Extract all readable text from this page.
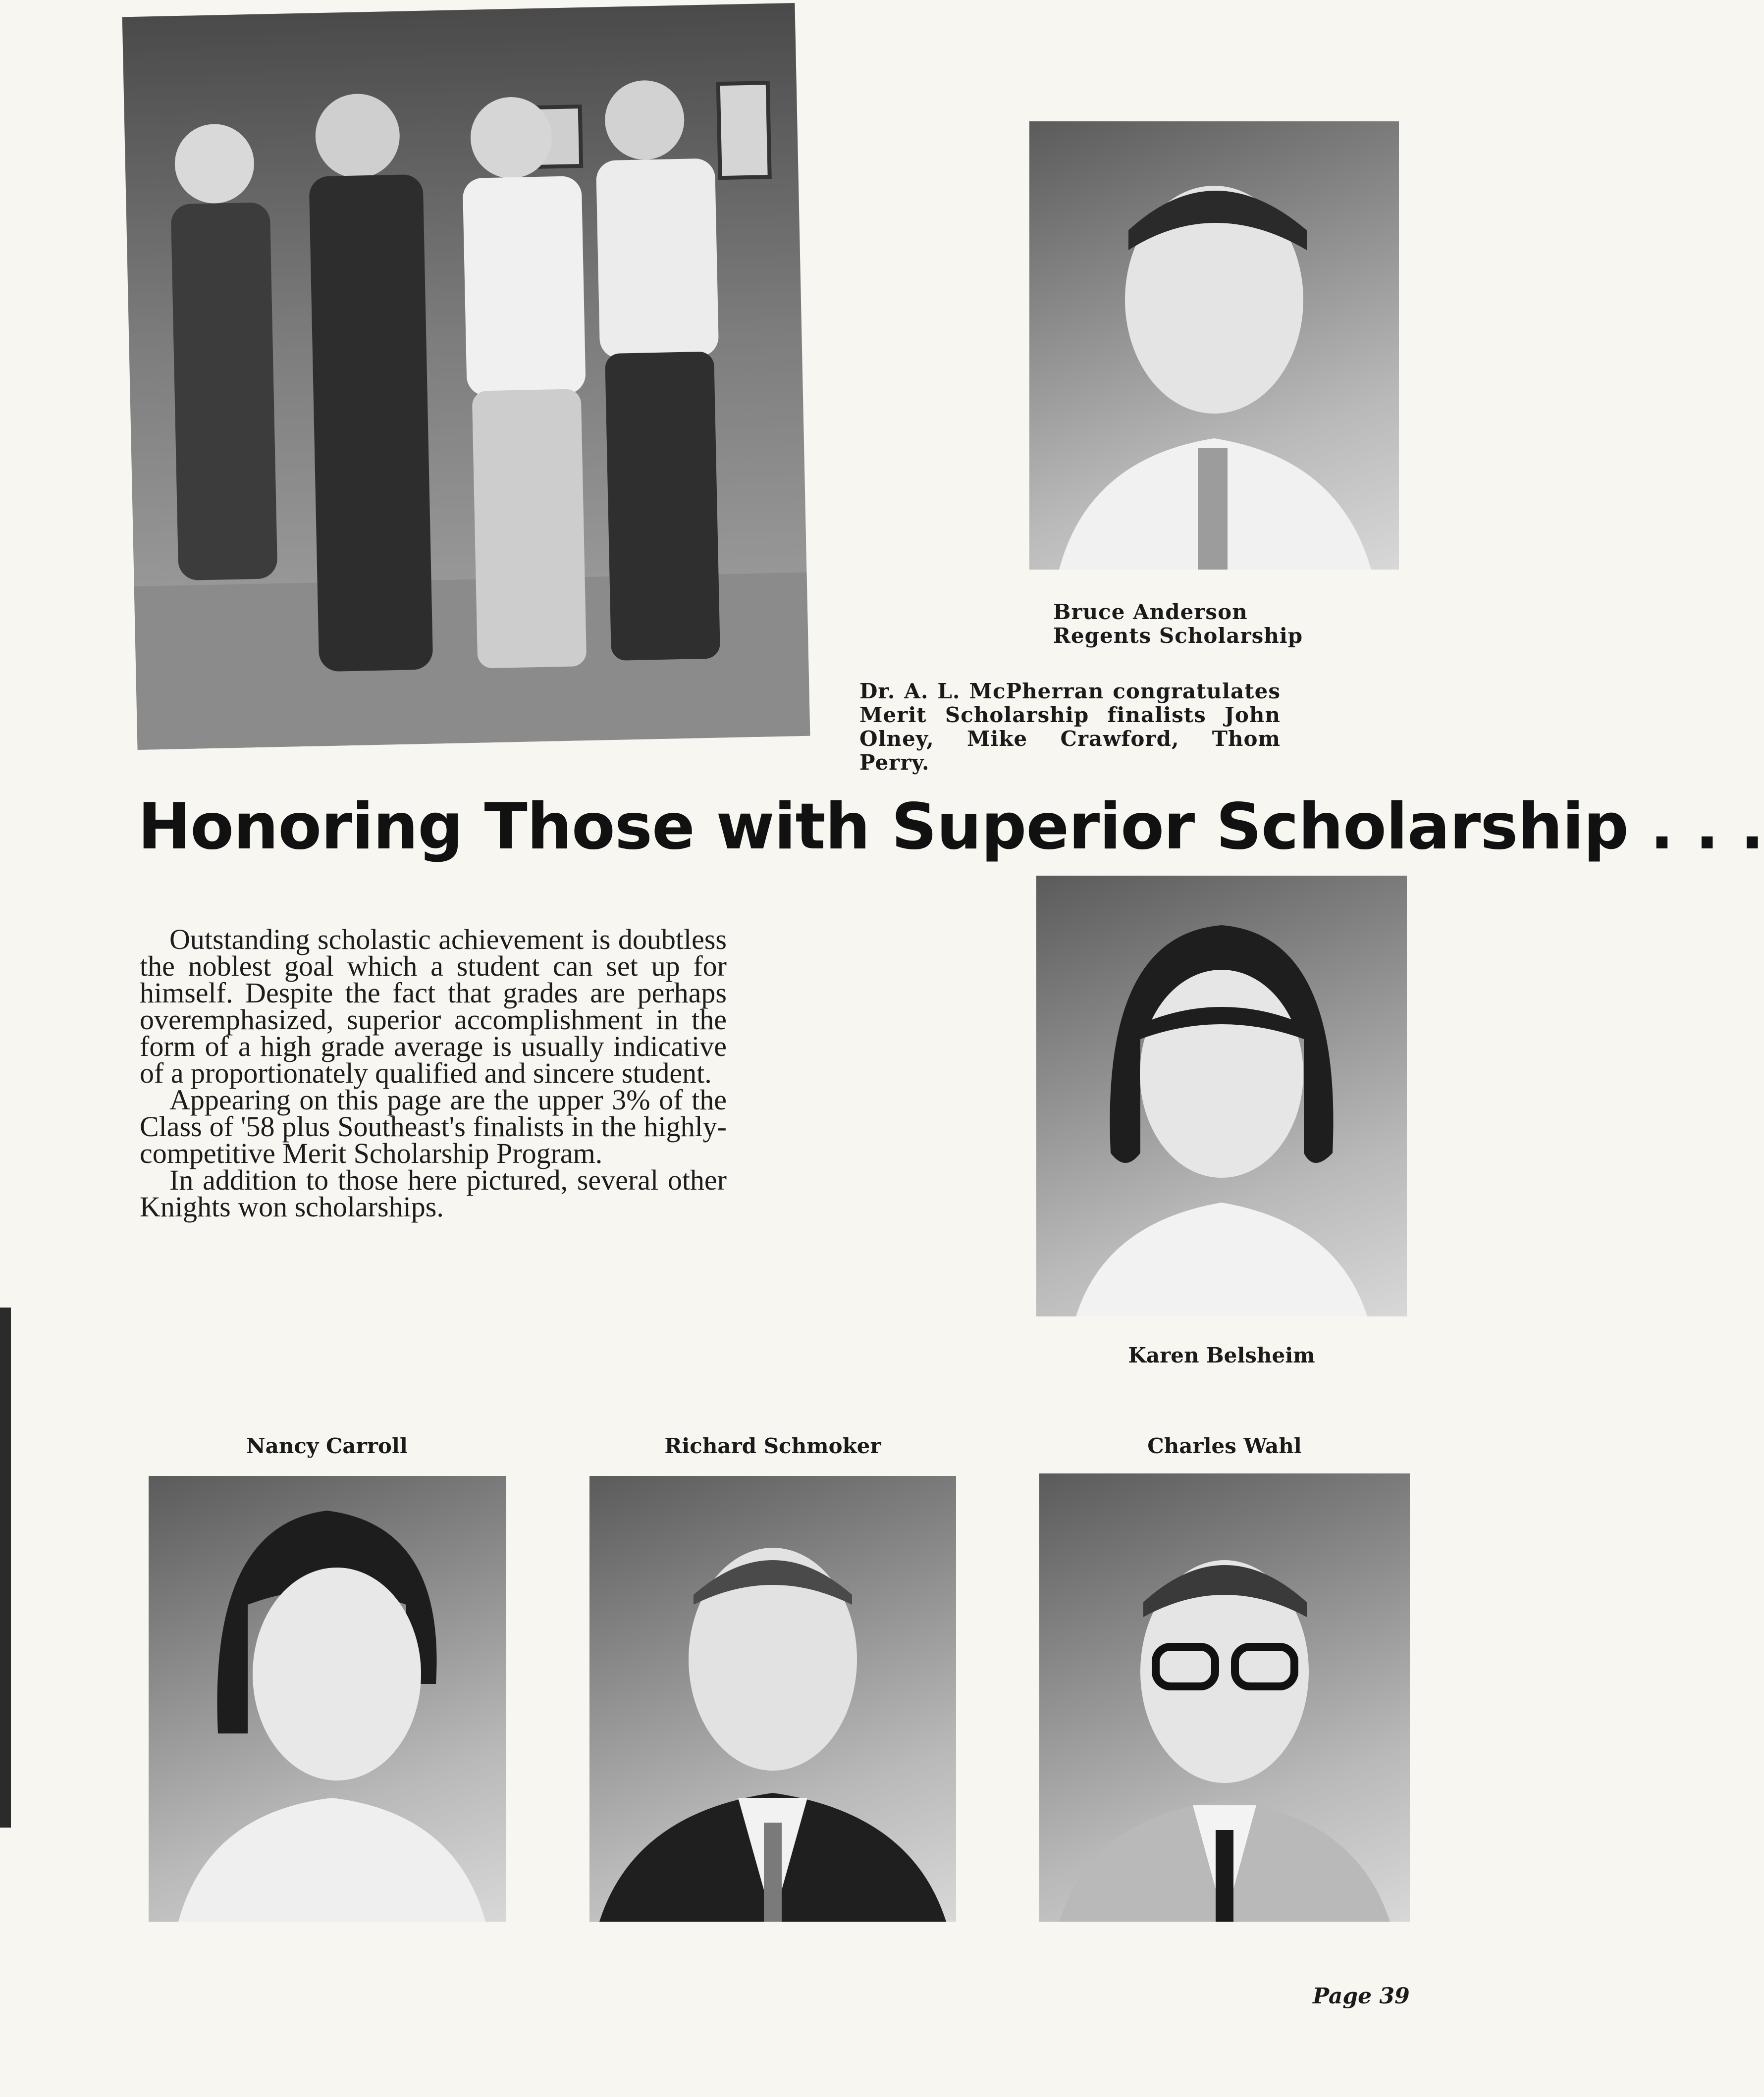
Bruce Anderson
Regents Scholarship
Dr. A. L. McPherran congratulates Merit Scholarship finalists John Olney, Mike Crawford, Thom Perry.
Honoring Those with Superior Scholarship . . .

Outstanding scholastic achievement is doubtless the noblest goal which a student can set up for himself. Despite the fact that grades are perhaps overemphasized, superior accomplishment in the form of a high grade average is usually indicative of a proportionately qualified and sincere student.

Appearing on this page are the upper 3% of the Class of '58 plus Southeast's finalists in the highly-competitive Merit Scholarship Program.

In addition to those here pictured, several other Knights won scholarships.

Karen Belsheim
Nancy Carroll	Richard Schmoker	Charles Wahl
Page 39
